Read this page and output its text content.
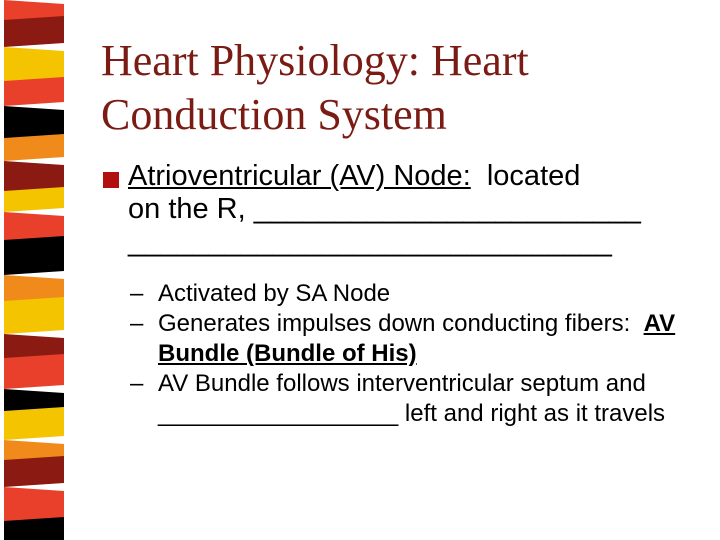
Heart Physiology: Heart
Conduction System
Atrioventricular (AV) Node:  located
on the R, ________________________
______________________________
– Activated by SA Node
– Generates impulses down conducting fibers:  AV Bundle (Bundle of His)
– AV Bundle follows interventricular septum and __________________ left and right as it travels
